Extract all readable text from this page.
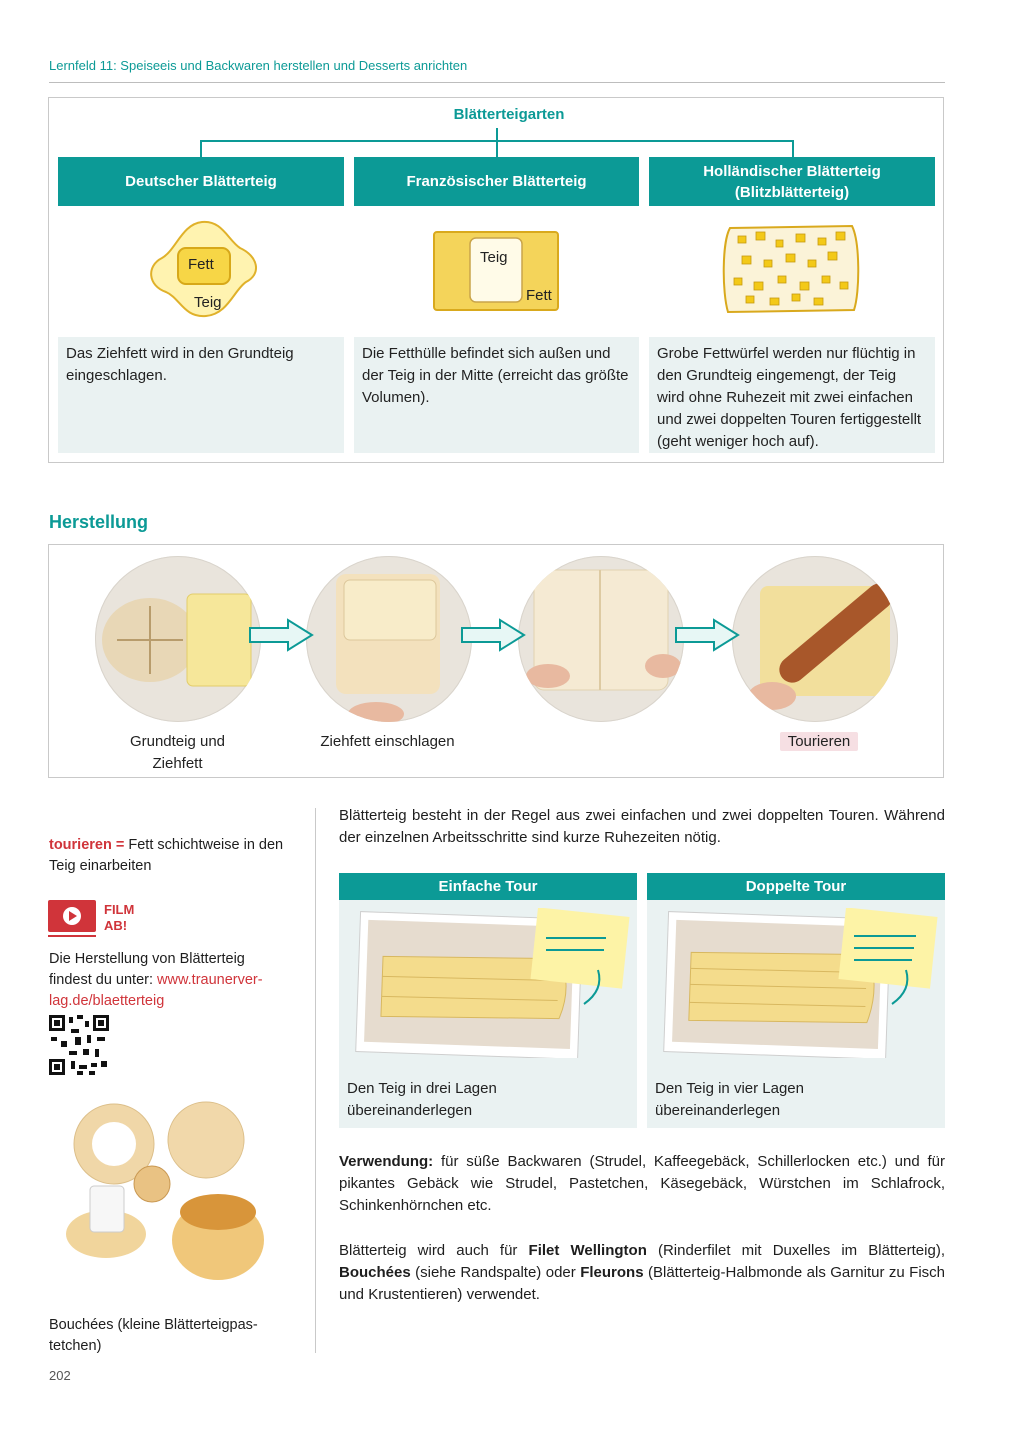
Lernfeld 11: Speiseeis und Backwaren herstellen und Desserts anrichten
Blätterteigarten
Deutscher Blätterteig	Französischer Blätterteig
Holländischer Blätterteig
(Blitzblätterteig)
Fett
Teig
Teig
Fett
Das Ziehfett wird in den Grundteig eingeschlagen.
Die Fetthülle befindet sich außen und der Teig in der Mitte (erreicht das größte Volumen).
Grobe Fettwürfel werden nur flüchtig in den Grundteig eingemengt, der Teig wird ohne Ruhezeit mit zwei einfachen und zwei doppelten Touren fertiggestellt (geht weniger hoch auf).
Herstellung
Grundteig und
Ziehfett
Ziehfett einschlagen	Tourieren
tourieren = Fett schichtweise in den Teig einarbeiten
FILM
AB!
Die Herstellung von Blätterteig findest du unter: www.traunerver-lag.de/blaetterteig
Bouchées (kleine Blätterteigpas-tetchen)
202
Blätterteig besteht in der Regel aus zwei einfachen und zwei doppelten Touren. Während der einzelnen Arbeitsschritte sind kurze Ruhezeiten nötig.
Einfache Tour	Doppelte Tour
Den Teig in drei Lagen
übereinanderlegen
Den Teig in vier Lagen
übereinanderlegen
Verwendung: für süße Backwaren (Strudel, Kaffeegebäck, Schillerlocken etc.) und für pikantes Gebäck wie Strudel, Pastetchen, Käsegebäck, Würstchen im Schlafrock, Schinkenhörnchen etc.
Blätterteig wird auch für Filet Wellington (Rinderfilet mit Duxelles im Blätterteig), Bouchées (siehe Randspalte) oder Fleurons (Blätterteig-Halbmonde als Garnitur zu Fisch und Krustentieren) verwendet.
